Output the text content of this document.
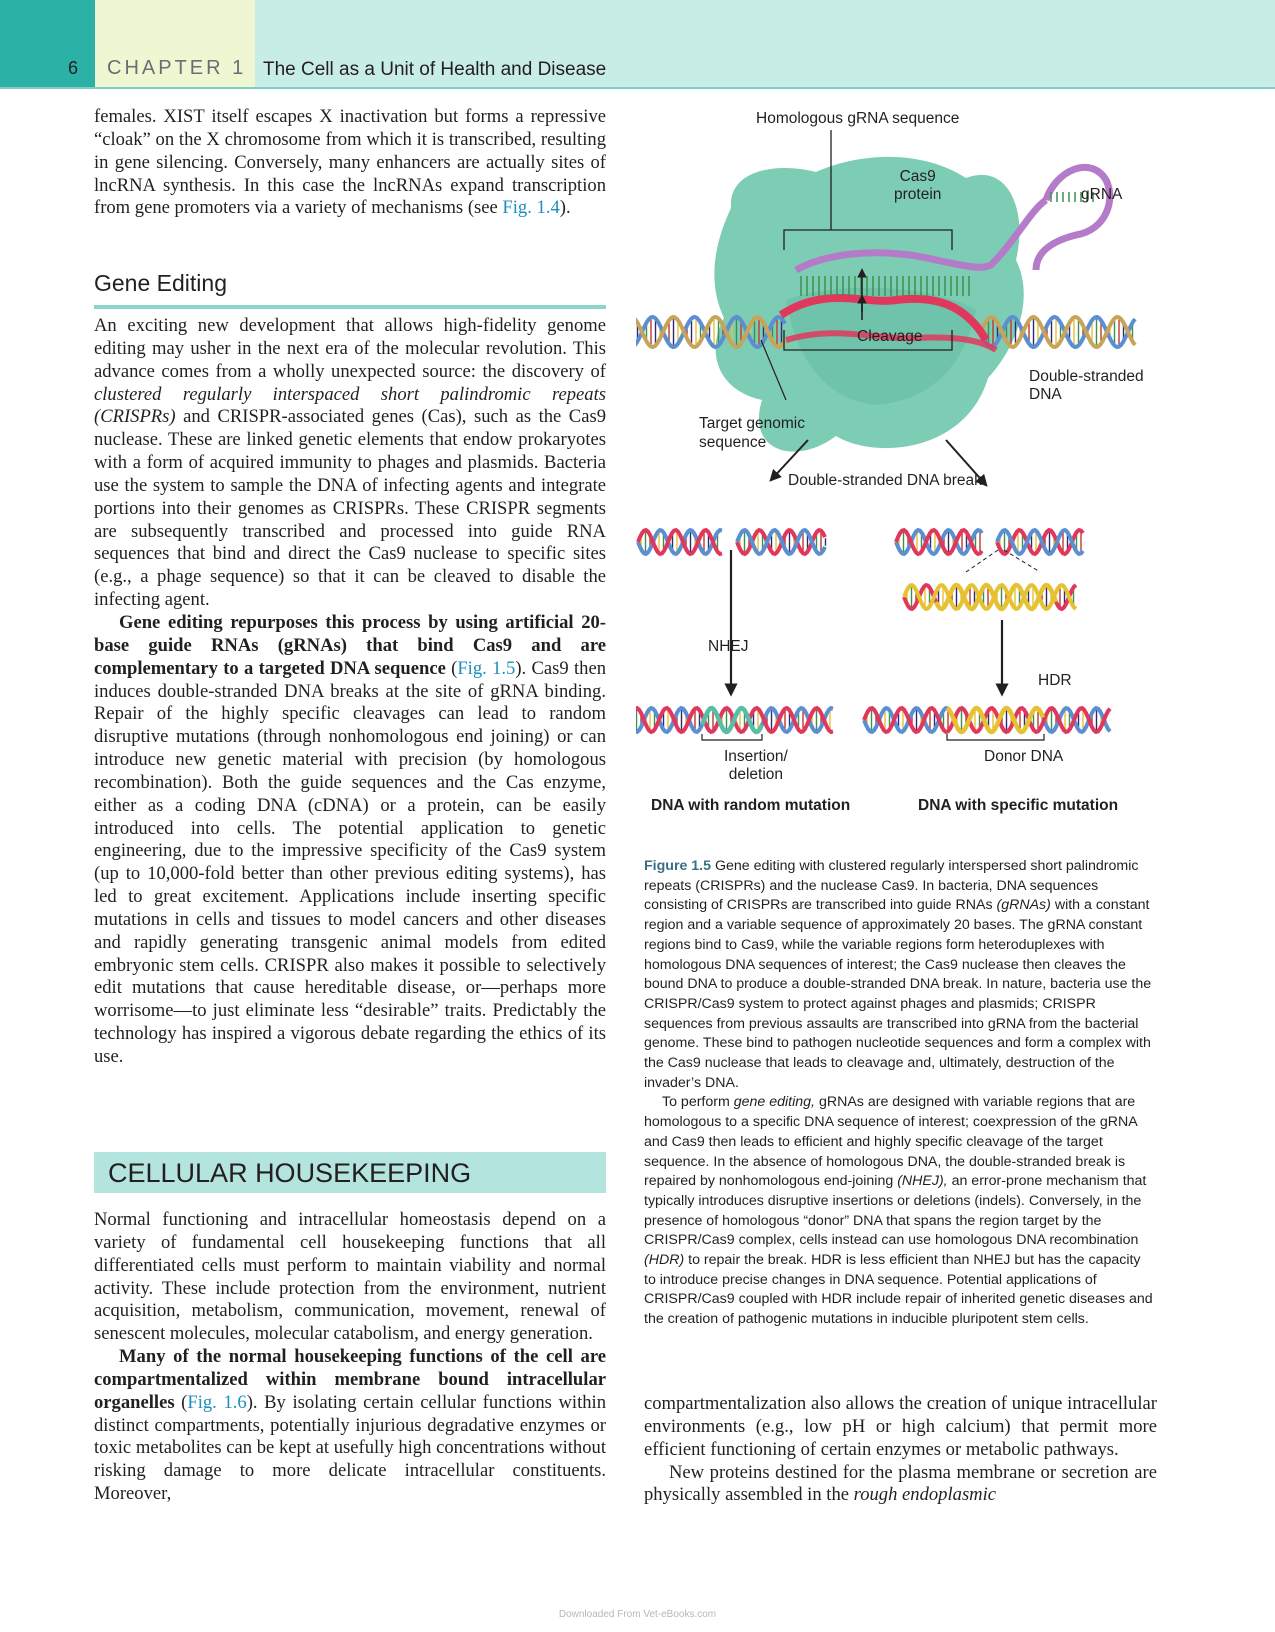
6 CHAPTER 1 The Cell as a Unit of Health and Disease

females. XIST itself escapes X inactivation but forms a repressive “cloak” on the X chromosome from which it is transcribed, resulting in gene silencing. Conversely, many enhancers are actually sites of lncRNA synthesis. In this case the lncRNAs expand transcription from gene promoters via a variety of mechanisms (see Fig. 1.4).

Gene Editing

An exciting new development that allows high-fidelity genome editing may usher in the next era of the molecular revolution. This advance comes from a wholly unexpected source: the discovery of clustered regularly interspaced short palindromic repeats (CRISPRs) and CRISPR-associated genes (Cas), such as the Cas9 nuclease. These are linked genetic elements that endow prokaryotes with a form of acquired immunity to phages and plasmids. Bacteria use the system to sample the DNA of infecting agents and integrate portions into their genomes as CRISPRs. These CRISPR segments are subsequently transcribed and processed into guide RNA sequences that bind and direct the Cas9 nuclease to specific sites (e.g., a phage sequence) so that it can be cleaved to disable the infecting agent.

Gene editing repurposes this process by using artificial 20-base guide RNAs (gRNAs) that bind Cas9 and are complementary to a targeted DNA sequence (Fig. 1.5). Cas9 then induces double-stranded DNA breaks at the site of gRNA binding. Repair of the highly specific cleavages can lead to random disruptive mutations (through nonhomologous end joining) or can introduce new genetic material with precision (by homologous recombination). Both the guide sequences and the Cas enzyme, either as a coding DNA (cDNA) or a protein, can be easily introduced into cells. The potential application to genetic engineering, due to the impressive specificity of the Cas9 system (up to 10,000-fold better than other previous editing systems), has led to great excitement. Applications include inserting specific mutations in cells and tissues to model cancers and other diseases and rapidly generating transgenic animal models from edited embryonic stem cells. CRISPR also makes it possible to selectively edit mutations that cause hereditable disease, or—perhaps more worrisome—to just eliminate less “desirable” traits. Predictably the technology has inspired a vigorous debate regarding the ethics of its use.

CELLULAR HOUSEKEEPING

Normal functioning and intracellular homeostasis depend on a variety of fundamental cell housekeeping functions that all differentiated cells must perform to maintain viability and normal activity. These include protection from the environment, nutrient acquisition, metabolism, communication, movement, renewal of senescent molecules, molecular catabolism, and energy generation.

Many of the normal housekeeping functions of the cell are compartmentalized within membrane bound intracellular organelles (Fig. 1.6). By isolating certain cellular functions within distinct compartments, potentially injurious degradative enzymes or toxic metabolites can be kept at usefully high concentrations without risking damage to more delicate intracellular constituents. Moreover,

compartmentalization also allows the creation of unique intracellular environments (e.g., low pH or high calcium) that permit more efficient functioning of certain enzymes or metabolic pathways.

New proteins destined for the plasma membrane or secretion are physically assembled in the rough endoplasmic

Homologous gRNA sequence
Cas9
protein	gRNA
Cleavage
Double-stranded
DNA
Target genomic
sequence
Double-stranded DNA break
NHEJ
HDR
Insertion/
deletion
Donor DNA
DNA with random mutation	DNA with specific mutation

Figure 1.5 Gene editing with clustered regularly interspersed short palindromic repeats (CRISPRs) and the nuclease Cas9. In bacteria, DNA sequences consisting of CRISPRs are transcribed into guide RNAs (gRNAs) with a constant region and a variable sequence of approximately 20 bases. The gRNA constant regions bind to Cas9, while the variable regions form heteroduplexes with homologous DNA sequences of interest; the Cas9 nuclease then cleaves the bound DNA to produce a double-stranded DNA break. In nature, bacteria use the CRISPR/Cas9 system to protect against phages and plasmids; CRISPR sequences from previous assaults are transcribed into gRNA from the bacterial genome. These bind to pathogen nucleotide sequences and form a complex with the Cas9 nuclease that leads to cleavage and, ultimately, destruction of the invader’s DNA.

To perform gene editing, gRNAs are designed with variable regions that are homologous to a specific DNA sequence of interest; coexpression of the gRNA and Cas9 then leads to efficient and highly specific cleavage of the target sequence. In the absence of homologous DNA, the double-stranded break is repaired by nonhomologous end-joining (NHEJ), an error-prone mechanism that typically introduces disruptive insertions or deletions (indels). Conversely, in the presence of homologous “donor” DNA that spans the region target by the CRISPR/Cas9 complex, cells instead can use homologous DNA recombination (HDR) to repair the break. HDR is less efficient than NHEJ but has the capacity to introduce precise changes in DNA sequence. Potential applications of CRISPR/Cas9 coupled with HDR include repair of inherited genetic diseases and the creation of pathogenic mutations in inducible pluripotent stem cells.

Downloaded From Vet-eBooks.com
